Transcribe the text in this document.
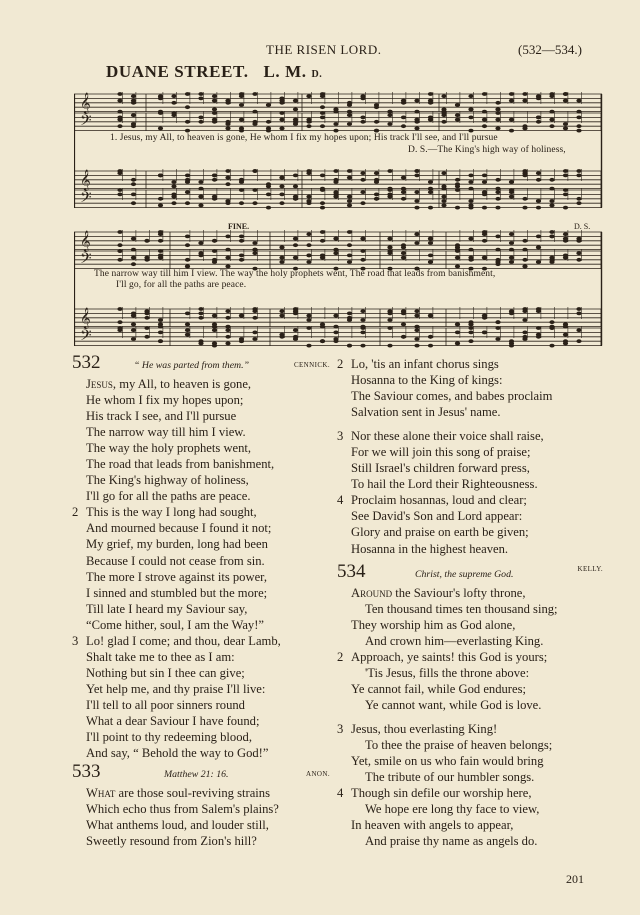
THE RISEN LORD.	(532—534.)
DUANE STREET. L. M. D.
𝄞
𝄢
𝄞
𝄢
1. Jesus, my All, to heaven is gone, He whom I fix my hopes upon; His track I'll see, and I'll pursue
D. S.—The King's high way of holiness,
𝄞
𝄢
𝄞
𝄢
FINE.	D. S.
The narrow way till him I view. The way the holy prophets went, The road that leads from banishment,
I'll go, for all the paths are peace.
532	“ He was parted from them.”	CENNICK.
Jesus, my All, to heaven is gone,
He whom I fix my hopes upon;
His track I see, and I'll pursue
The narrow way till him I view.
The way the holy prophets went,
The road that leads from banishment,
The King's highway of holiness,
I'll go for all the paths are peace.
2 This is the way I long had sought,
And mourned because I found it not;
My grief, my burden, long had been
Because I could not cease from sin.
The more I strove against its power,
I sinned and stumbled but the more;
Till late I heard my Saviour say,
“Come hither, soul, I am the Way!”
3 Lo! glad I come; and thou, dear Lamb,
Shalt take me to thee as I am:
Nothing but sin I thee can give;
Yet help me, and thy praise I'll live:
I'll tell to all poor sinners round
What a dear Saviour I have found;
I'll point to thy redeeming blood,
And say, “ Behold the way to God!”
533	Matthew 21: 16.	ANON.
What are those soul-reviving strains
Which echo thus from Salem's plains?
What anthems loud, and louder still,
Sweetly resound from Zion's hill?
2 Lo, 'tis an infant chorus sings
Hosanna to the King of kings:
The Saviour comes, and babes proclaim
Salvation sent in Jesus' name.
3 Nor these alone their voice shall raise,
For we will join this song of praise;
Still Israel's children forward press,
To hail the Lord their Righteousness.
4 Proclaim hosannas, loud and clear;
See David's Son and Lord appear:
Glory and praise on earth be given;
Hosanna in the highest heaven.
534	Christ, the supreme God.	KELLY.
Around the Saviour's lofty throne,
Ten thousand times ten thousand sing;
They worship him as God alone,
And crown him—everlasting King.
2 Approach, ye saints! this God is yours;
'Tis Jesus, fills the throne above:
Ye cannot fail, while God endures;
Ye cannot want, while God is love.
3 Jesus, thou everlasting King!
To thee the praise of heaven belongs;
Yet, smile on us who fain would bring
The tribute of our humbler songs.
4 Though sin defile our worship here,
We hope ere long thy face to view,
In heaven with angels to appear,
And praise thy name as angels do.
201
